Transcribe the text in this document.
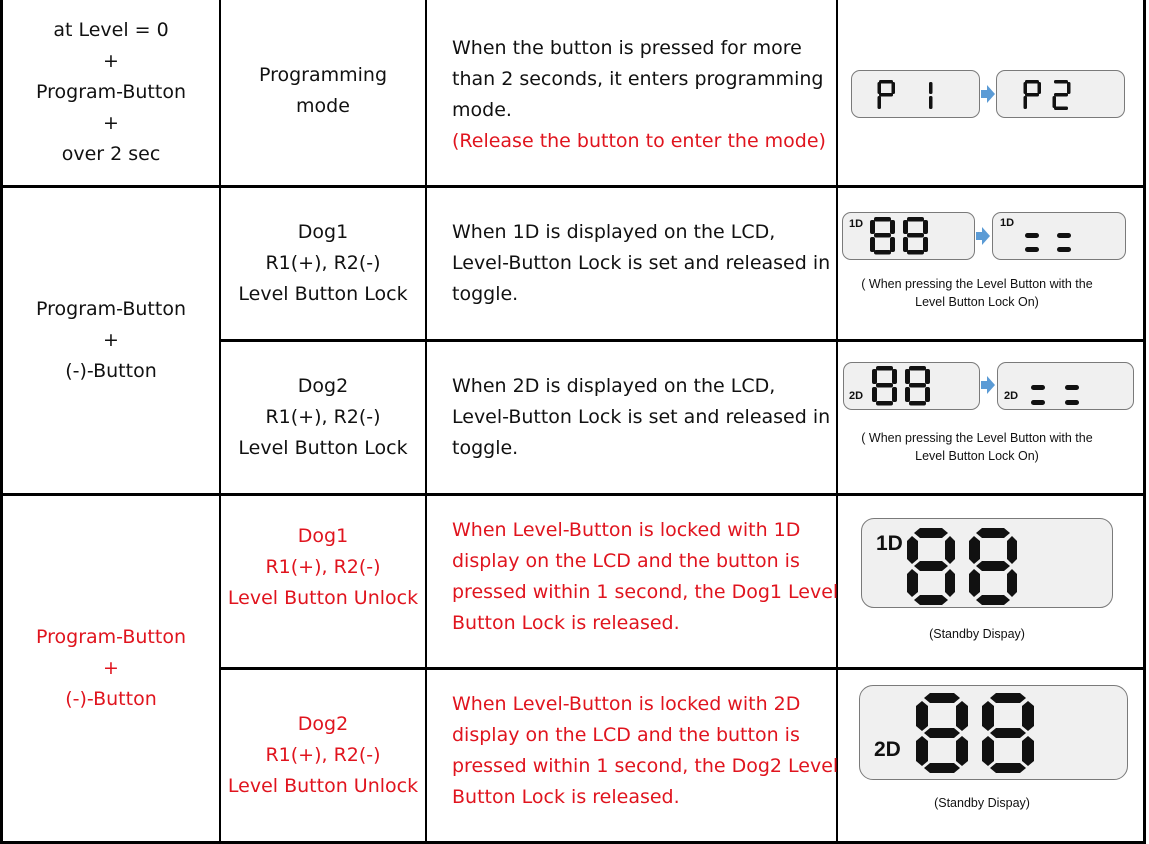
at Level = 0
+
Program-Button
+
over 2 sec
Programming
mode
When the button is pressed for more
than 2 seconds, it enters programming
mode.
(Release the button to enter the mode)
Program-Button
+
(-)-Button
Dog1
R1(+), R2(-)
Level Button Lock
When 1D is displayed on the LCD,
Level-Button Lock is set and released in
toggle.
1D	1D
( When pressing the Level Button with the
Level Button Lock On)
Dog2
R1(+), R2(-)
Level Button Lock
When 2D is displayed on the LCD,
Level-Button Lock is set and released in
toggle.
2D	2D
( When pressing the Level Button with the
Level Button Lock On)
Program-Button
+
(-)-Button
Dog1
R1(+), R2(-)
Level Button Unlock
When Level-Button is locked with 1D
display on the LCD and the button is
pressed within 1 second, the Dog1 Level
Button Lock is released.
1D
(Standby Dispay)
Dog2
R1(+), R2(-)
Level Button Unlock
When Level-Button is locked with 2D
display on the LCD and the button is
pressed within 1 second, the Dog2 Level
Button Lock is released.
2D
(Standby Dispay)
